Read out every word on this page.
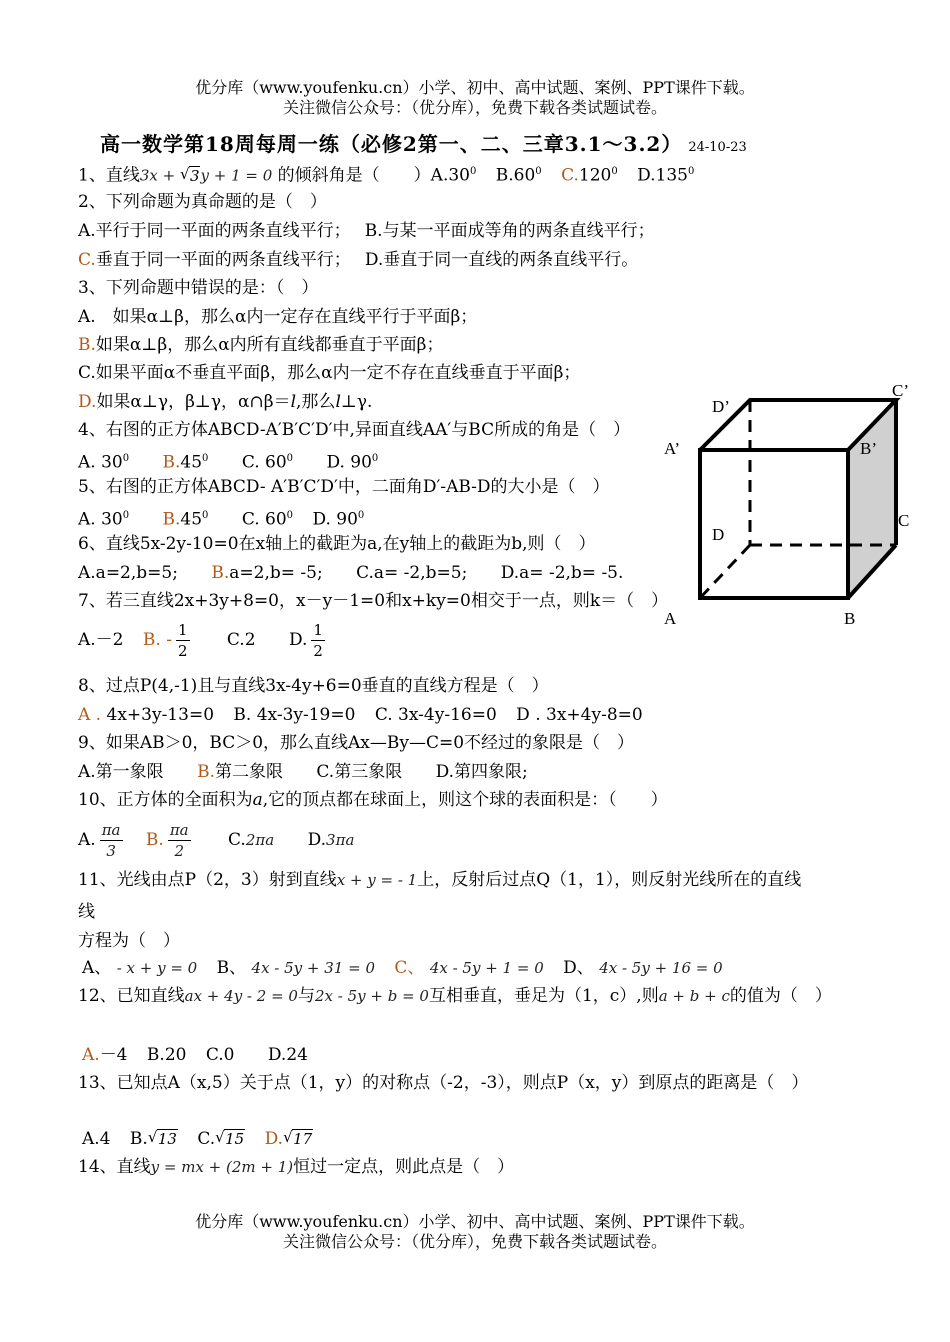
优分库（www.youfenku.cn）小学、初中、高中试题、案例、PPT课件下载。
关注微信公众号：（优分库），免费下载各类试题试卷。
高一数学第18周每周一练（必修2第一、二、三章3.1～3.2） 24-10-23
1、直线3x + √ 3y + 1 = 0 的倾斜角是（　　）$A.30^0$ $B.60^0$ C.120$^0$ D.135$^0$
2、下列命题为真命题的是（　）
A.平行于同一平面的两条直线平行； B.与某一平面成等角的两条直线平行；
C.垂直于同一平面的两条直线平行； D.垂直于同一直线的两条直线平行。
3、下列命题中错误的是：（　）
A.　如果α⊥β，那么α内一定存在直线平行于平面β；
B.如果α⊥β，那么α内所有直线都垂直于平面β；
C.如果平面α不垂直平面β，那么α内一定不存在直线垂直于平面β；
D.如果α⊥γ，β⊥γ，α∩β＝l,那么l⊥γ.
4、右图的正方体ABCD-A′B′C′D′中,异面直线AA′与BC所成的角是（　）
A. $30^0$ $B.45^0$ C. $60^0$ D. $90^0$
5、右图的正方体ABCD- A′B′C′D′中，二面角D′-AB-D的大小是（　）
A. $30^0$ $B.45^0$ C. $60^0$ D. $90^0$
6、直线5x-2y-10=0在x轴上的截距为a,在y轴上的截距为b,则（　）
A.a=2,b=5; B.a=2,b= -5; C.a= -2,b=5; D.a= -2,b= -5.
7、若三直线2x+3y+8=0，x－y－1=0和x+ky=0相交于一点，则k＝（　）
A.－2 B. - $\frac{1}{2} C.2$ D. $\frac{1}{2}$
8、过点P(4,-1)且与直线3x-4y+6=0垂直的直线方程是（　）
A . 4x+3y-13=0 B. 4x-3y-19=0 C. 3x-4y-16=0 D . 3x+4y-8=0
9、如果AB＞0，BC＞0，那么直线Ax—By—C=0不经过的象限是（　）
A.第一象限 B.第二象限 C.第三象限 D.第四象限;
10、正方体的全面积为a,它的顶点都在球面上，则这个球的表面积是：（　　）
A. $\frac{\pi a}{3} B$. $\frac{\pi a}{2} C.2\pi a$ D.3πa
11、光线由点P（2，3）射到直线x + y = - 1上，反射后过点Q（1，1），则反射光线所在的直线
线
方程为（　）
A、 - x + y = 0 B、 4x - 5y + 31 = 0 C、 4x - 5y + 1 = 0 D、 4x - 5y + 16 = 0
12、已知直线ax + 4y - 2 = 0与2x - 5y + b = 0互相垂直，垂足为（1，c）,则a + b + c的值为（　）
A.－4 B.20 C.0 D.24
13、已知点A（x,5）关于点（1，y）的对称点（-2，-3），则点P（x，y）到原点的距离是（　）
A.4 B. √ 13 C. √ 15 D. √ 17
14、直线y = mx + (2m + 1)恒过一定点，则此点是（　）
D’
C’
A’	B’
D
C
A	B
优分库（www.youfenku.cn）小学、初中、高中试题、案例、PPT课件下载。
关注微信公众号：（优分库），免费下载各类试题试卷。
